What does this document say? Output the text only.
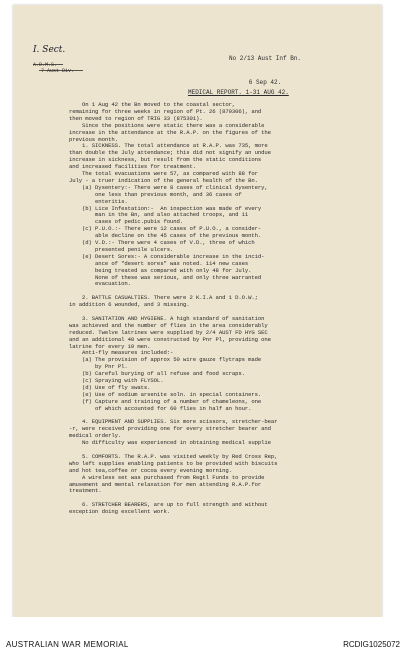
I. Sect.
A.D.M.S.
7 Aust Div.

No 2/13 Aust Inf Bn.

6 Sep 42.

MEDICAL REPORT. 1-31 AUG 42.
On 1 Aug 42 the Bn moved to the coastal sector,
remaining for three weeks in region of Pt. 26 (879306), and
then moved to region of TRIG 33 (875301).
Since the positions were static there was a considerable
increase in the attendance at the R.A.P. on the figures of the
previous month.
1. SICKNESS. The total attendance at R.A.P. was 735, more
than double the July attendance; this did not signify an undue
increase in sickness, but result from the static conditions
and increased facilities for treatment.
The total evacuations were 57, as compared with 88 for
July - a truer indication of the general health of the Bn.
(a) Dysentery:- There were 8 cases of clinical dysentery,
one less than previous month, and 36 cases of
enteritis.
(b) Lice Infestation:-  An inspection was made of every
man in the Bn, and also attached troops, and 11
cases of pedic.pubis found.
(c) P.U.O.:- There were 12 cases of P.U.O., a consider-
able decline on the 45 cases of the previous month.
(d) V.D.:- There were 4 cases of V.D., three of which
presented penile ulcers.
(e) Desert Sores:- A considerable increase in the incid-
ance of "desert sores" was noted. 114 new cases
being treated as compared with only 48 for July.
None of these was serious, and only three warranted
evacuation.
2. BATTLE CASUALTIES. There were 2 K.I.A and 1 D.O.W.;
in addition 6 wounded, and 3 missing.
3. SANITATION AND HYGIENE. A high standard of sanitation
was achieved and the number of flies in the area considerably
reduced. Twelve latrines were supplied by 2/4 AUST FD HYG SEC
and an additional 40 were constructed by Pnr Pl, providing one
latrine for every 10 men.
Anti-fly measures included:-
(a) The provision of approx 50 wire gauze flytraps made
by Pnr Pl.
(b) Careful burying of all refuse and food scraps.
(c) Spraying with FLYSOL.
(d) Use of fly swats.
(e) Use of sodium arsenite soln. in special containers.
(f) Capture and training of a number of chameleons, one
of which accounted for 60 flies in half an hour.
4. EQUIPMENT AND SUPPLIES. Six more scissors, stretcher-bear
-r, were received providing one for every stretcher bearer and
medical orderly.
No difficulty was experienced in obtaining medical supplie
5. COMFORTS. The R.A.P. was visited weekly by Red Cross Rep,
who left supplies enabling patients to be provided with biscuits
and hot tea,coffee or cocoa every evening morning.
A wireless set was purchased from Regtl Funds to provide
amusement and mental relaxation for men attending R.A.P.for
treatment.
6. STRETCHER BEARERS, are up to full strength and without
exception doing excellent work.
AUSTRALIAN WAR MEMORIAL	RCDIG1025072
